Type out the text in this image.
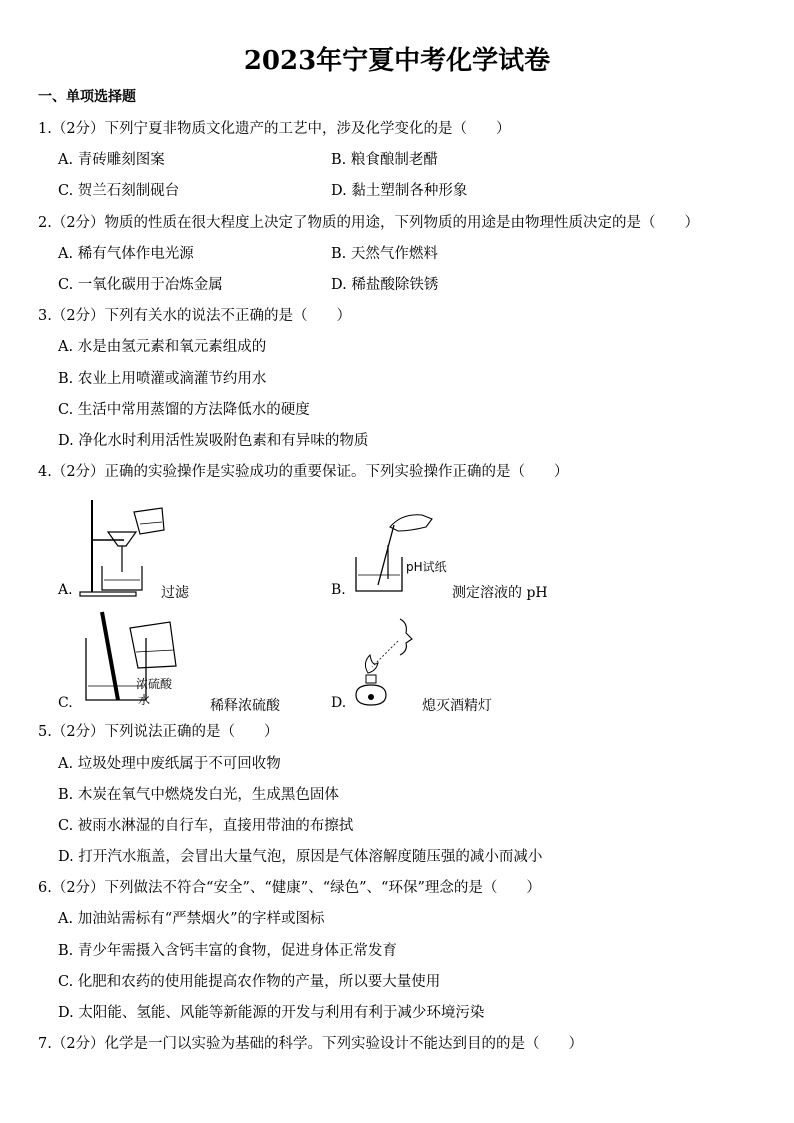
2023年宁夏中考化学试卷
一、单项选择题
1.（2分）下列宁夏非物质文化遗产的工艺中，涉及化学变化的是（　　）
A. 青砖雕刻图案	B. 粮食酿制老醋
C. 贺兰石刻制砚台	D. 黏土塑制各种形象
2.（2分）物质的性质在很大程度上决定了物质的用途，下列物质的用途是由物理性质决定的是（　　）
A. 稀有气体作电光源	B. 天然气作燃料
C. 一氧化碳用于冶炼金属	D. 稀盐酸除铁锈
3.（2分）下列有关水的说法不正确的是（　　）
A. 水是由氢元素和氧元素组成的
B. 农业上用喷灌或滴灌节约用水
C. 生活中常用蒸馏的方法降低水的硬度
D. 净化水时利用活性炭吸附色素和有异味的物质
4.（2分）正确的实验操作是实验成功的重要保证。下列实验操作正确的是（　　）
A.	过滤
pH试纸
B.	测定溶液的 pH
浓硫酸
水
C.	稀释浓硫酸	D.	熄灭酒精灯
5.（2分）下列说法正确的是（　　）
A. 垃圾处理中废纸属于不可回收物
B. 木炭在氧气中燃烧发白光，生成黑色固体
C. 被雨水淋湿的自行车，直接用带油的布擦拭
D. 打开汽水瓶盖，会冒出大量气泡，原因是气体溶解度随压强的减小而减小
6.（2分）下列做法不符合“安全”、“健康”、“绿色”、“环保”理念的是（　　）
A. 加油站需标有“严禁烟火”的字样或图标
B. 青少年需摄入含钙丰富的食物，促进身体正常发育
C. 化肥和农药的使用能提高农作物的产量，所以要大量使用
D. 太阳能、氢能、风能等新能源的开发与利用有利于减少环境污染
7.（2分）化学是一门以实验为基础的科学。下列实验设计不能达到目的的是（　　）
